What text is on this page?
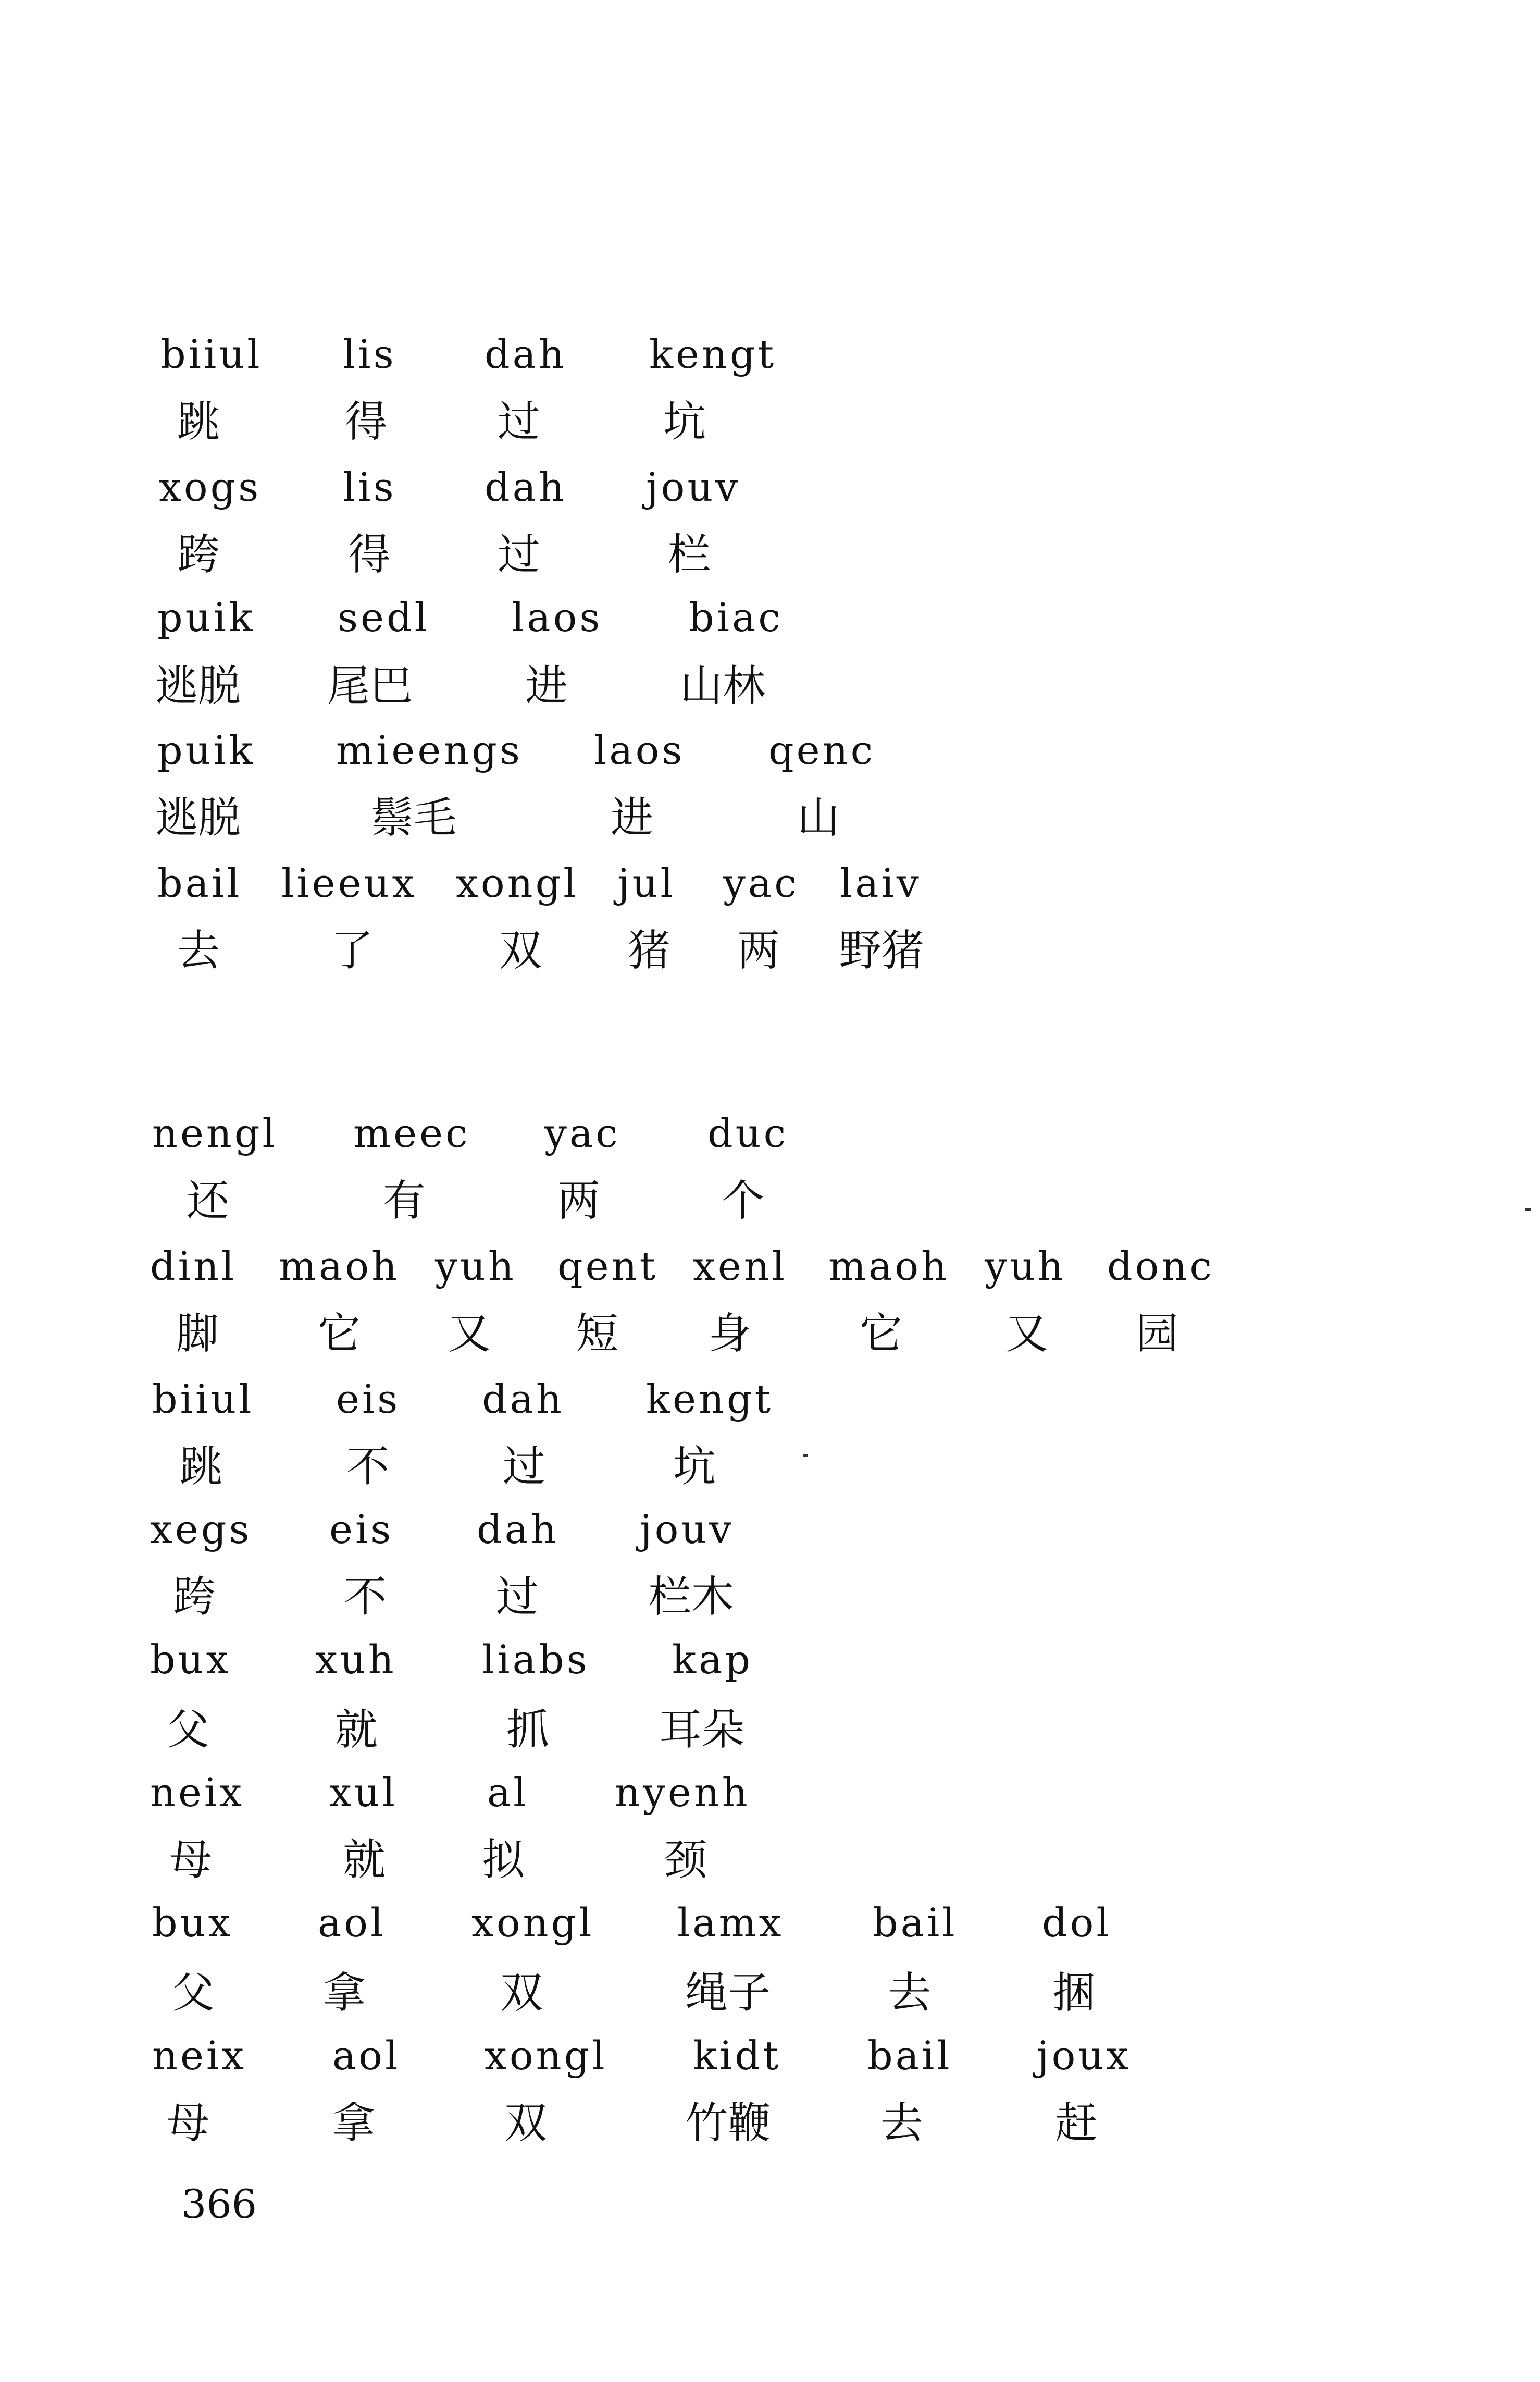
biiul lis dah kengt
跳	得	过	坑
xogs lis dah jouv
跨	得 过	栏
puik sedl laos biac
逃脱 尾巴	进	山林
puik mieengs laos qenc
逃脱	鬃毛	进	山
bail lieeux xongl jul yac laiv
去	了	双 猪 两 野猪
nengl meec yac duc
还	有	两	个
dinl maoh yuh qent xenl maoh yuh donc
脚 它 又 短 身	它 又 园
biiul eis dah kengt
跳	不	过	坑
xegs eis dah jouv
跨	不	过	栏木
bux xuh liabs kap
父	就	抓	耳朵
neix xul al nyenh
母	就 拟	颈
bux aol xongl lamx bail dol
父	拿	双	绳子	去	捆
neix aol xongl kidt bail joux
母	拿	双	竹鞭	去	赶
366
